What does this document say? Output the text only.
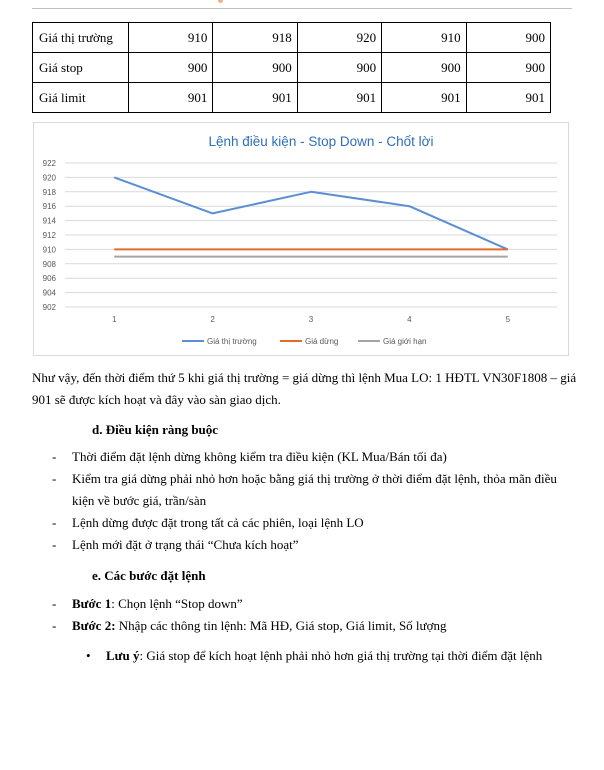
Giá thị trường	910	918	920	910	900
Giá stop	900	900	900	900	900
Giá limit	901	901	901	901	901
Lệnh điều kiện - Stop Down - Chốt lời
922
920
918
916
914
912
910
908
906
904
902
1	2	3	4	5
Giá thị trường	Giá dừng	Giá giới hạn

Như vậy, đến thời điểm thứ 5 khi giá thị trường = giá dừng thì lệnh Mua LO: 1 HĐTL VN30F1808 – giá 901 sẽ được kích hoạt và đây vào sàn giao dịch.

d. Điều kiện ràng buộc
-	Thời điểm đặt lệnh dừng không kiểm tra điều kiện (KL Mua/Bán tối đa)
-	Kiểm tra giá dừng phải nhỏ hơn hoặc bằng giá thị trường ở thời điểm đặt lệnh, thỏa mãn điều kiện về bước giá, trần/sàn
-	Lệnh dừng được đặt trong tất cả các phiên, loại lệnh LO
-	Lệnh mới đặt ở trạng thái “Chưa kích hoạt”
e. Các bước đặt lệnh
-	Bước 1: Chọn lệnh “Stop down”
-	Bước 2: Nhập các thông tin lệnh: Mã HĐ, Giá stop, Giá limit, Số lượng
•	Lưu ý: Giá stop để kích hoạt lệnh phải nhỏ hơn giá thị trường tại thời điểm đặt lệnh
